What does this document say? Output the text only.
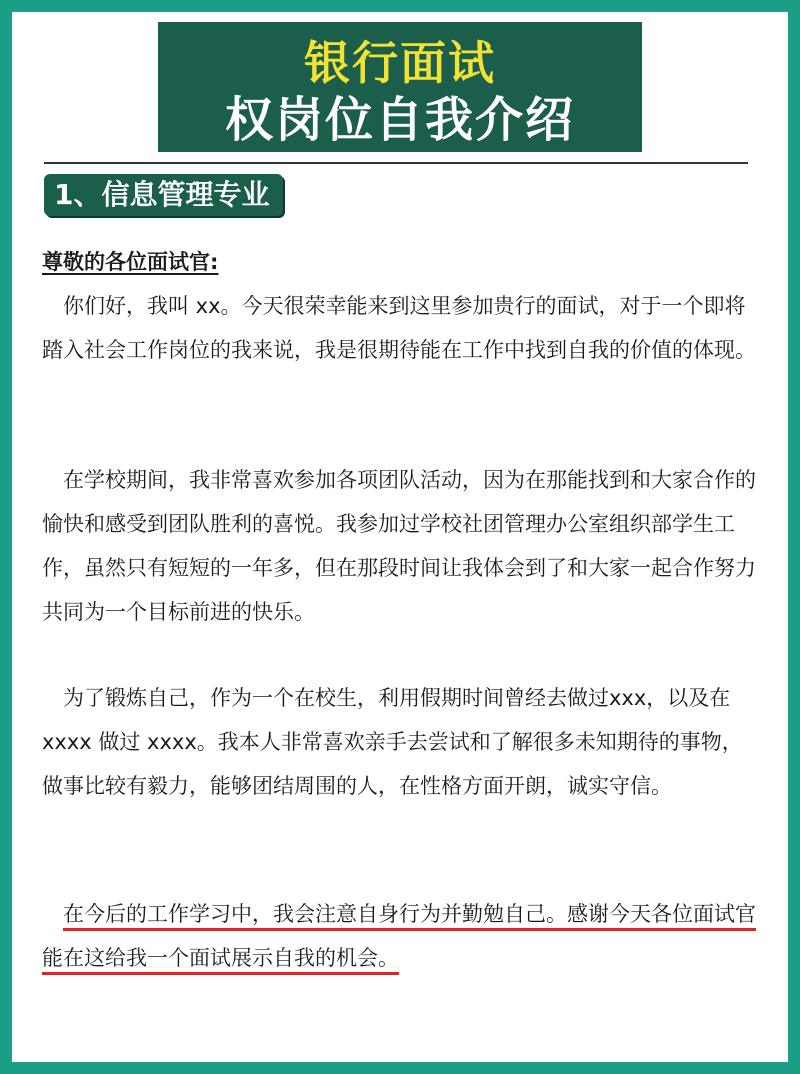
银行面试
权岗位自我介绍
1、信息管理专业

尊敬的各位面试官:

你们好，我叫 xx。今天很荣幸能来到这里参加贵行的面试，对于一个即将踏入社会工作岗位的我来说，我是很期待能在工作中找到自我的价值的体现。

在学校期间，我非常喜欢参加各项团队活动，因为在那能找到和大家合作的愉快和感受到团队胜利的喜悦。我参加过学校社团管理办公室组织部学生工作，虽然只有短短的一年多，但在那段时间让我体会到了和大家一起合作努力共同为一个目标前进的快乐。

为了锻炼自己，作为一个在校生，利用假期时间曾经去做过xxx，以及在 xxxx 做过 xxxx。我本人非常喜欢亲手去尝试和了解很多未知期待的事物，做事比较有毅力，能够团结周围的人，在性格方面开朗，诚实守信。

在今后的工作学习中，我会注意自身行为并勤勉自己。感谢今天各位面试官能在这给我一个面试展示自我的机会。
